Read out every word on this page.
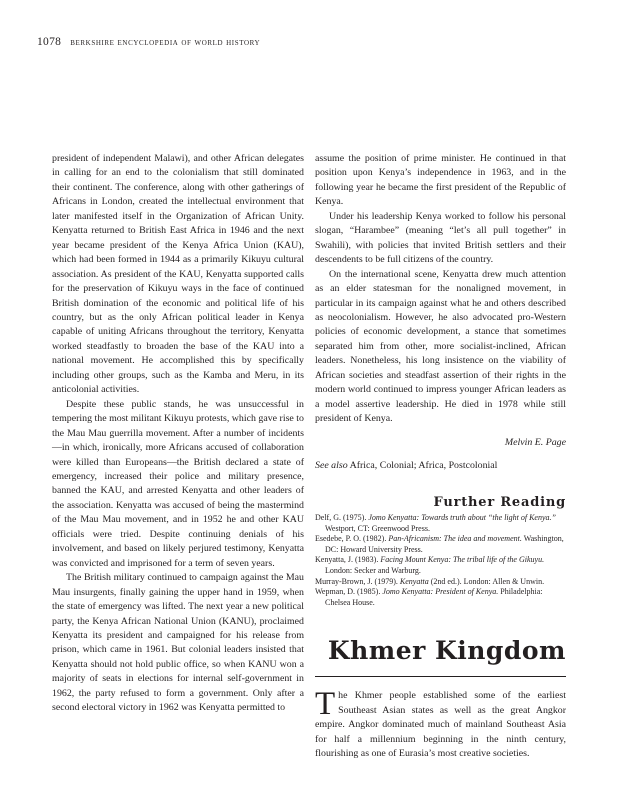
1078 berkshire encyclopedia of world history

president of independent Malawi), and other African delegates in calling for an end to the colonialism that still dominated their continent. The conference, along with other gatherings of Africans in London, created the intellectual environment that later manifested itself in the Organization of African Unity. Kenyatta returned to British East Africa in 1946 and the next year became president of the Kenya Africa Union (KAU), which had been formed in 1944 as a primarily Kikuyu cultural association. As president of the KAU, Kenyatta supported calls for the preservation of Kikuyu ways in the face of continued British domination of the economic and political life of his country, but as the only African political leader in Kenya capable of uniting Africans throughout the territory, Kenyatta worked steadfastly to broaden the base of the KAU into a national movement. He accomplished this by specifically including other groups, such as the Kamba and Meru, in its anticolonial activities.

Despite these public stands, he was unsuccessful in tempering the most militant Kikuyu protests, which gave rise to the Mau Mau guerrilla movement. After a number of incidents—in which, ironically, more Africans accused of collaboration were killed than Europeans—the British declared a state of emergency, increased their police and military presence, banned the KAU, and arrested Kenyatta and other leaders of the association. Kenyatta was accused of being the mastermind of the Mau Mau movement, and in 1952 he and other KAU officials were tried. Despite continuing denials of his involvement, and based on likely perjured testimony, Kenyatta was convicted and imprisoned for a term of seven years.

The British military continued to campaign against the Mau Mau insurgents, finally gaining the upper hand in 1959, when the state of emergency was lifted. The next year a new political party, the Kenya African National Union (KANU), proclaimed Kenyatta its president and campaigned for his release from prison, which came in 1961. But colonial leaders insisted that Kenyatta should not hold public office, so when KANU won a majority of seats in elections for internal self-government in 1962, the party refused to form a government. Only after a second electoral victory in 1962 was Kenyatta permitted to

assume the position of prime minister. He continued in that position upon Kenya’s independence in 1963, and in the following year he became the first president of the Republic of Kenya.

Under his leadership Kenya worked to follow his personal slogan, “Harambee” (meaning “let’s all pull together” in Swahili), with policies that invited British settlers and their descendents to be full citizens of the country.

On the international scene, Kenyatta drew much attention as an elder statesman for the nonaligned movement, in particular in its campaign against what he and others described as neocolonialism. However, he also advocated pro-Western policies of economic development, a stance that sometimes separated him from other, more socialist-inclined, African leaders. Nonetheless, his long insistence on the viability of African societies and steadfast assertion of their rights in the modern world continued to impress younger African leaders as a model assertive leadership. He died in 1978 while still president of Kenya.

Melvin E. Page
See also Africa, Colonial; Africa, Postcolonial
Further Reading
Delf, G. (1975). Jomo Kenyatta: Towards truth about “the light of Kenya.” Westport, CT: Greenwood Press.
Esedebe, P. O. (1982). Pan-Africanism: The idea and movement. Washington, DC: Howard University Press.
Kenyatta, J. (1983). Facing Mount Kenya: The tribal life of the Gikuyu. London: Secker and Warburg.
Murray-Brown, J. (1979). Kenyatta (2nd ed.). London: Allen & Unwin.
Wepman, D. (1985). Jomo Kenyatta: President of Kenya. Philadelphia: Chelsea House.
Khmer Kingdom

The Khmer people established some of the earliest Southeast Asian states as well as the great Angkor empire. Angkor dominated much of mainland Southeast Asia for half a millennium beginning in the ninth century, flourishing as one of Eurasia’s most creative societies.
